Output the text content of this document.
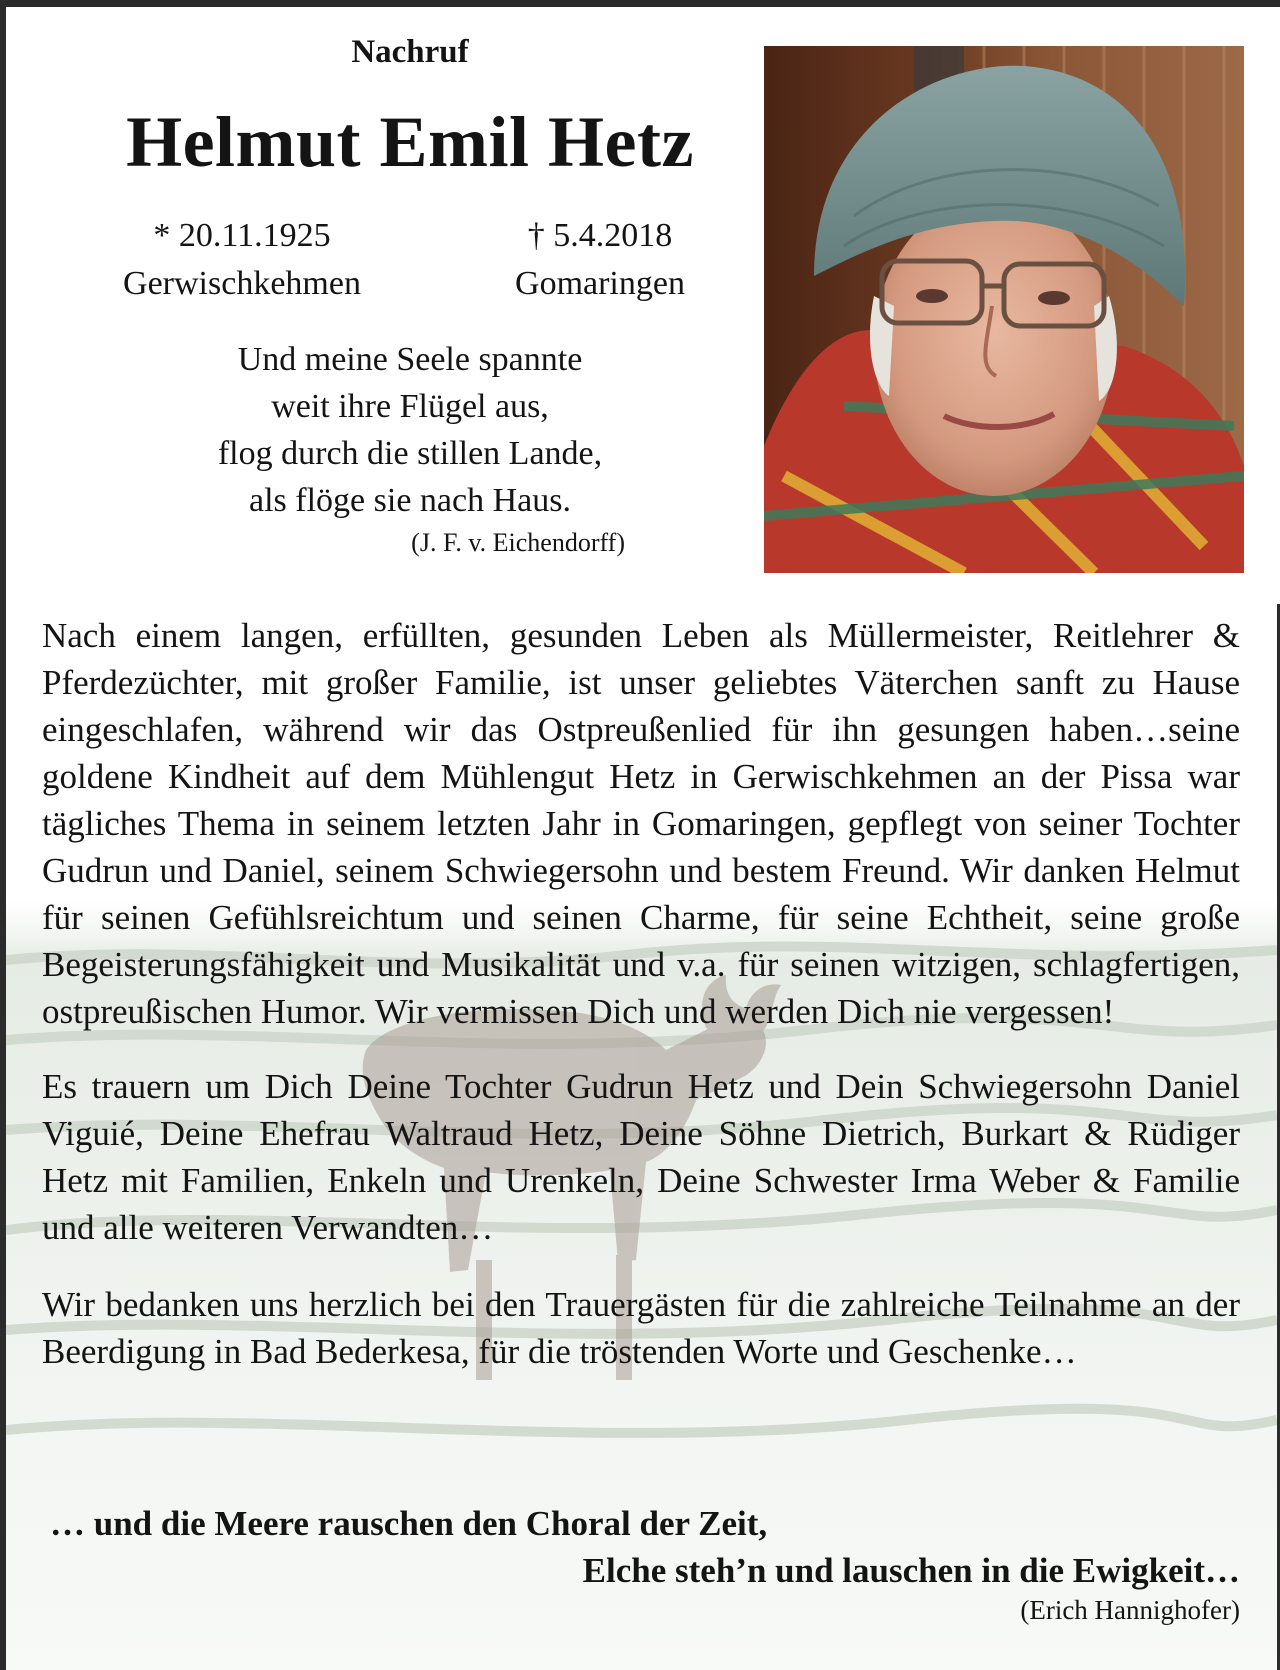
Nachruf
Helmut Emil Hetz
* 20.11.1925
Gerwischkehmen
† 5.4.2018
Gomaringen
Und meine Seele spannte
weit ihre Flügel aus,
flog durch die stillen Lande,
als flöge sie nach Haus.
(J. F. v. Eichendorff)

Nach einem langen, erfüllten, gesunden Leben als Müllermeister, Reitlehrer & Pferdezüchter, mit großer Familie, ist unser geliebtes Väterchen sanft zu Hause eingeschlafen, während wir das Ostpreußenlied für ihn gesungen haben…seine goldene Kindheit auf dem Mühlengut Hetz in Gerwischkehmen an der Pissa war tägliches Thema in seinem letzten Jahr in Gomaringen, gepflegt von seiner Tochter Gudrun und Daniel, seinem Schwiegersohn und bestem Freund. Wir danken Helmut für seinen Gefühlsreichtum und seinen Charme, für seine Echtheit, seine große Begeisterungsfähigkeit und Musikalität und v.a. für seinen witzigen, schlagfertigen, ostpreußischen Humor. Wir vermissen Dich und werden Dich nie vergessen!

Es trauern um Dich Deine Tochter Gudrun Hetz und Dein Schwiegersohn Daniel Viguié, Deine Ehefrau Waltraud Hetz, Deine Söhne Dietrich, Burkart & Rüdiger Hetz mit Familien, Enkeln und Urenkeln, Deine Schwester Irma Weber & Familie und alle weiteren Verwandten…

Wir bedanken uns herzlich bei den Trauergästen für die zahlreiche Teilnahme an der Beerdigung in Bad Bederkesa, für die tröstenden Worte und Geschenke…

… und die Meere rauschen den Choral der Zeit,
Elche steh’n und lauschen in die Ewigkeit…
(Erich Hannighofer)
